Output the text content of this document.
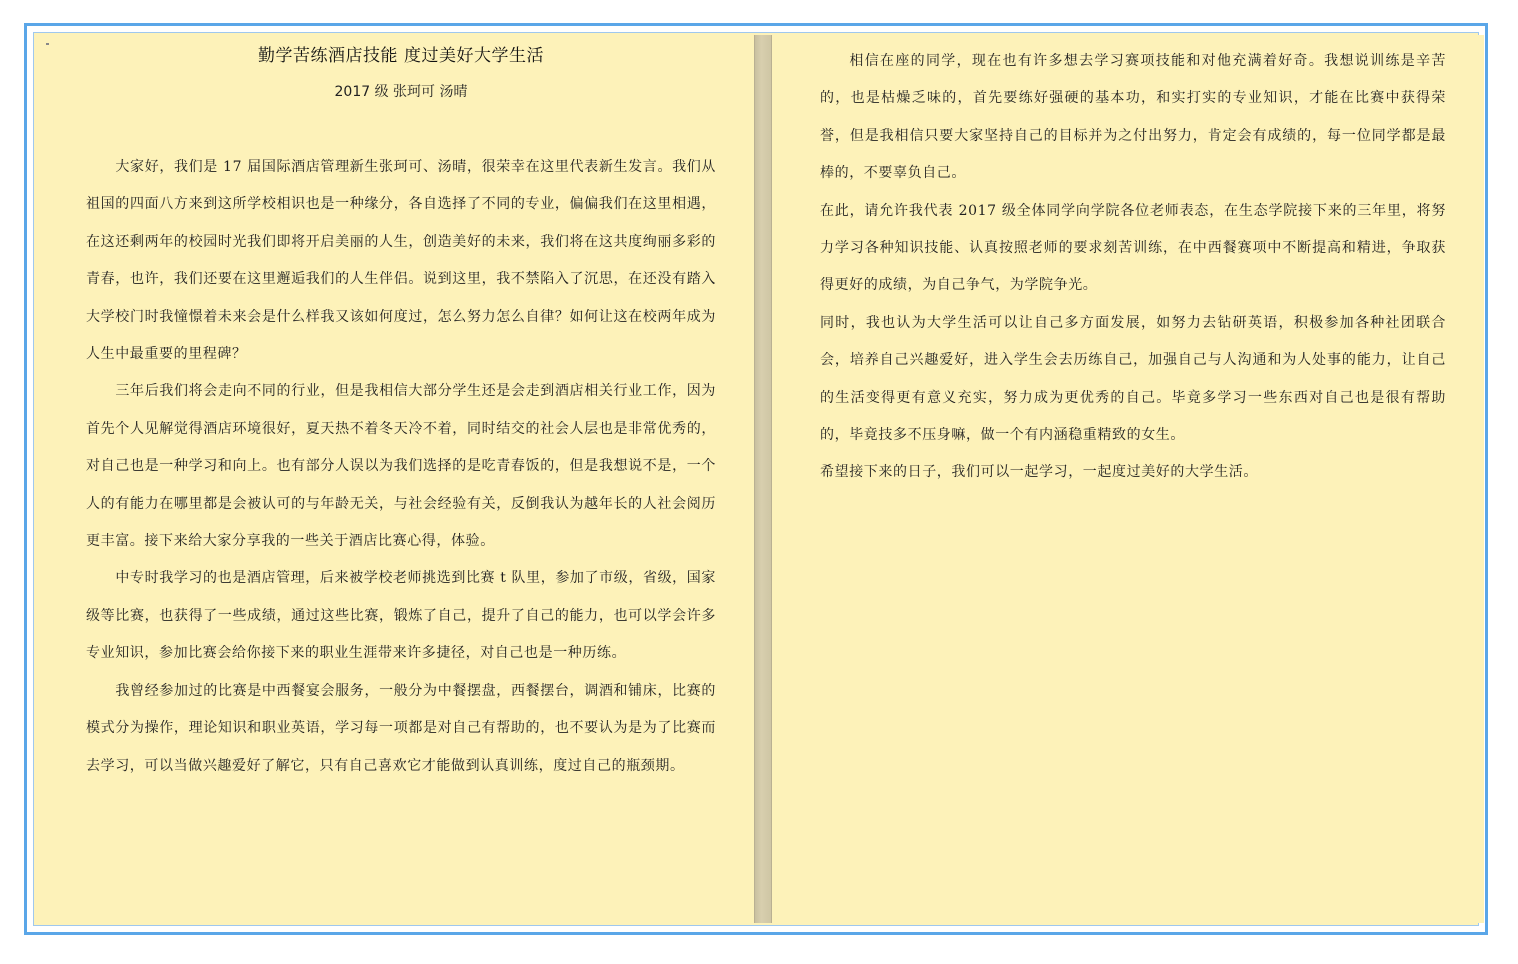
勤学苦练酒店技能 度过美好大学生活
2017 级 张珂可 汤晴

大家好，我们是 17 届国际酒店管理新生张珂可、汤晴，很荣幸在这里代表新生发言。我们从祖国的四面八方来到这所学校相识也是一种缘分，各自选择了不同的专业，偏偏我们在这里相遇，在这还剩两年的校园时光我们即将开启美丽的人生，创造美好的未来，我们将在这共度绚丽多彩的青春，也许，我们还要在这里邂逅我们的人生伴侣。说到这里，我不禁陷入了沉思，在还没有踏入大学校门时我憧憬着未来会是什么样我又该如何度过，怎么努力怎么自律？如何让这在校两年成为人生中最重要的里程碑？

三年后我们将会走向不同的行业，但是我相信大部分学生还是会走到酒店相关行业工作，因为首先个人见解觉得酒店环境很好，夏天热不着冬天冷不着，同时结交的社会人层也是非常优秀的，对自己也是一种学习和向上。也有部分人误以为我们选择的是吃青春饭的，但是我想说不是，一个人的有能力在哪里都是会被认可的与年龄无关，与社会经验有关，反倒我认为越年长的人社会阅历更丰富。接下来给大家分享我的一些关于酒店比赛心得，体验。

中专时我学习的也是酒店管理，后来被学校老师挑选到比赛 t 队里，参加了市级，省级，国家级等比赛，也获得了一些成绩，通过这些比赛，锻炼了自己，提升了自己的能力，也可以学会许多专业知识，参加比赛会给你接下来的职业生涯带来许多捷径，对自己也是一种历练。

我曾经参加过的比赛是中西餐宴会服务，一般分为中餐摆盘，西餐摆台，调酒和铺床，比赛的模式分为操作，理论知识和职业英语，学习每一项都是对自己有帮助的，也不要认为是为了比赛而去学习，可以当做兴趣爱好了解它，只有自己喜欢它才能做到认真训练，度过自己的瓶颈期。

相信在座的同学，现在也有许多想去学习赛项技能和对他充满着好奇。我想说训练是辛苦的，也是枯燥乏味的，首先要练好强硬的基本功，和实打实的专业知识，才能在比赛中获得荣誉，但是我相信只要大家坚持自己的目标并为之付出努力，肯定会有成绩的，每一位同学都是最棒的，不要辜负自己。

在此，请允许我代表 2017 级全体同学向学院各位老师表态，在生态学院接下来的三年里，将努力学习各种知识技能、认真按照老师的要求刻苦训练，在中西餐赛项中不断提高和精进，争取获得更好的成绩，为自己争气，为学院争光。

同时，我也认为大学生活可以让自己多方面发展，如努力去钻研英语，积极参加各种社团联合会，培养自己兴趣爱好，进入学生会去历练自己，加强自己与人沟通和为人处事的能力，让自己的生活变得更有意义充实，努力成为更优秀的自己。毕竟多学习一些东西对自己也是很有帮助的，毕竟技多不压身嘛，做一个有内涵稳重精致的女生。

希望接下来的日子，我们可以一起学习，一起度过美好的大学生活。
